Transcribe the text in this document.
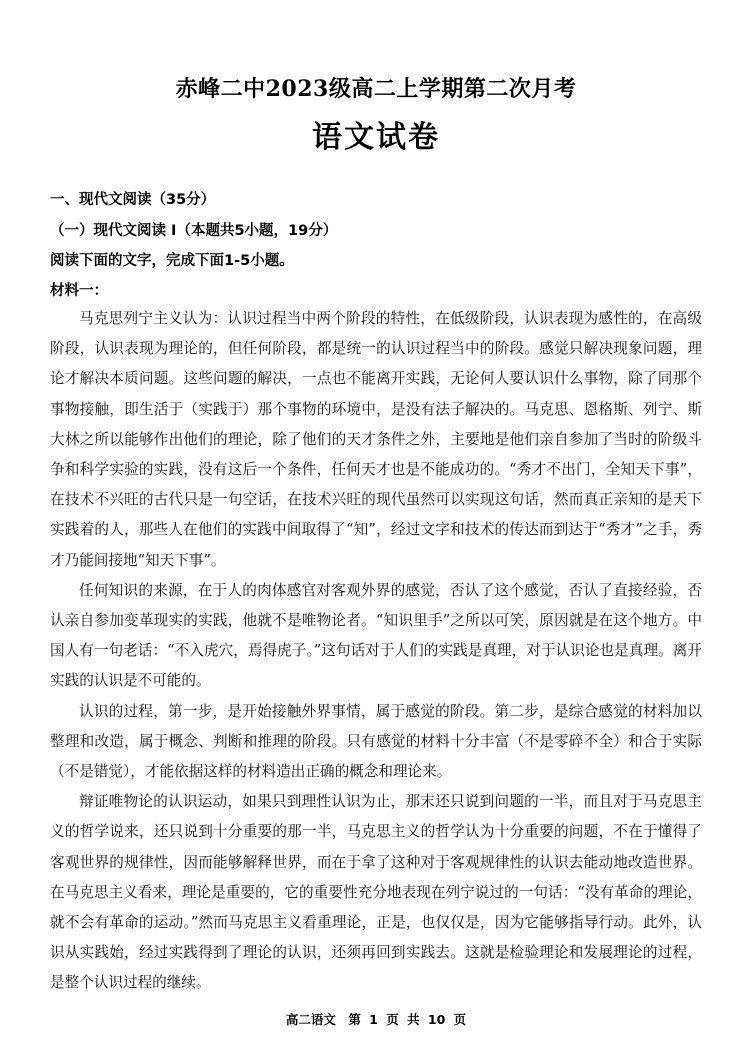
赤峰二中2023级高二上学期第二次月考
语文试卷
一、现代文阅读（35分）
（一）现代文阅读 I（本题共5小题，19分）
阅读下面的文字，完成下面1-5小题。
材料一：

马克思列宁主义认为：认识过程当中两个阶段的特性，在低级阶段，认识表现为感性的，在高级阶段，认识表现为理论的，但任何阶段，都是统一的认识过程当中的阶段。感觉只解决现象问题，理论才解决本质问题。这些问题的解决，一点也不能离开实践，无论何人要认识什么事物，除了同那个事物接触，即生活于（实践于）那个事物的环境中，是没有法子解决的。马克思、恩格斯、列宁、斯大林之所以能够作出他们的理论，除了他们的天才条件之外，主要地是他们亲自参加了当时的阶级斗争和科学实验的实践，没有这后一个条件，任何天才也是不能成功的。“秀才不出门，全知天下事”，在技术不兴旺的古代只是一句空话，在技术兴旺的现代虽然可以实现这句话，然而真正亲知的是天下实践着的人，那些人在他们的实践中间取得了“知”，经过文字和技术的传达而到达于“秀才”之手，秀才乃能间接地“知天下事”。

任何知识的来源，在于人的肉体感官对客观外界的感觉，否认了这个感觉，否认了直接经验，否认亲自参加变革现实的实践，他就不是唯物论者。“知识里手”之所以可笑，原因就是在这个地方。中国人有一句老话：“不入虎穴，焉得虎子。”这句话对于人们的实践是真理，对于认识论也是真理。离开实践的认识是不可能的。

认识的过程，第一步，是开始接触外界事情，属于感觉的阶段。第二步，是综合感觉的材料加以整理和改造，属于概念、判断和推理的阶段。只有感觉的材料十分丰富（不是零碎不全）和合于实际（不是错觉），才能依据这样的材料造出正确的概念和理论来。

辩证唯物论的认识运动，如果只到理性认识为止，那末还只说到问题的一半，而且对于马克思主义的哲学说来，还只说到十分重要的那一半，马克思主义的哲学认为十分重要的问题，不在于懂得了客观世界的规律性，因而能够解释世界，而在于拿了这种对于客观规律性的认识去能动地改造世界。在马克思主义看来，理论是重要的，它的重要性充分地表现在列宁说过的一句话：“没有革命的理论，就不会有革命的运动。”然而马克思主义看重理论，正是，也仅仅是，因为它能够指导行动。此外，认识从实践始，经过实践得到了理论的认识，还须再回到实践去。这就是检验理论和发展理论的过程，是整个认识过程的继续。

高二语文　第 1 页 共 10 页
